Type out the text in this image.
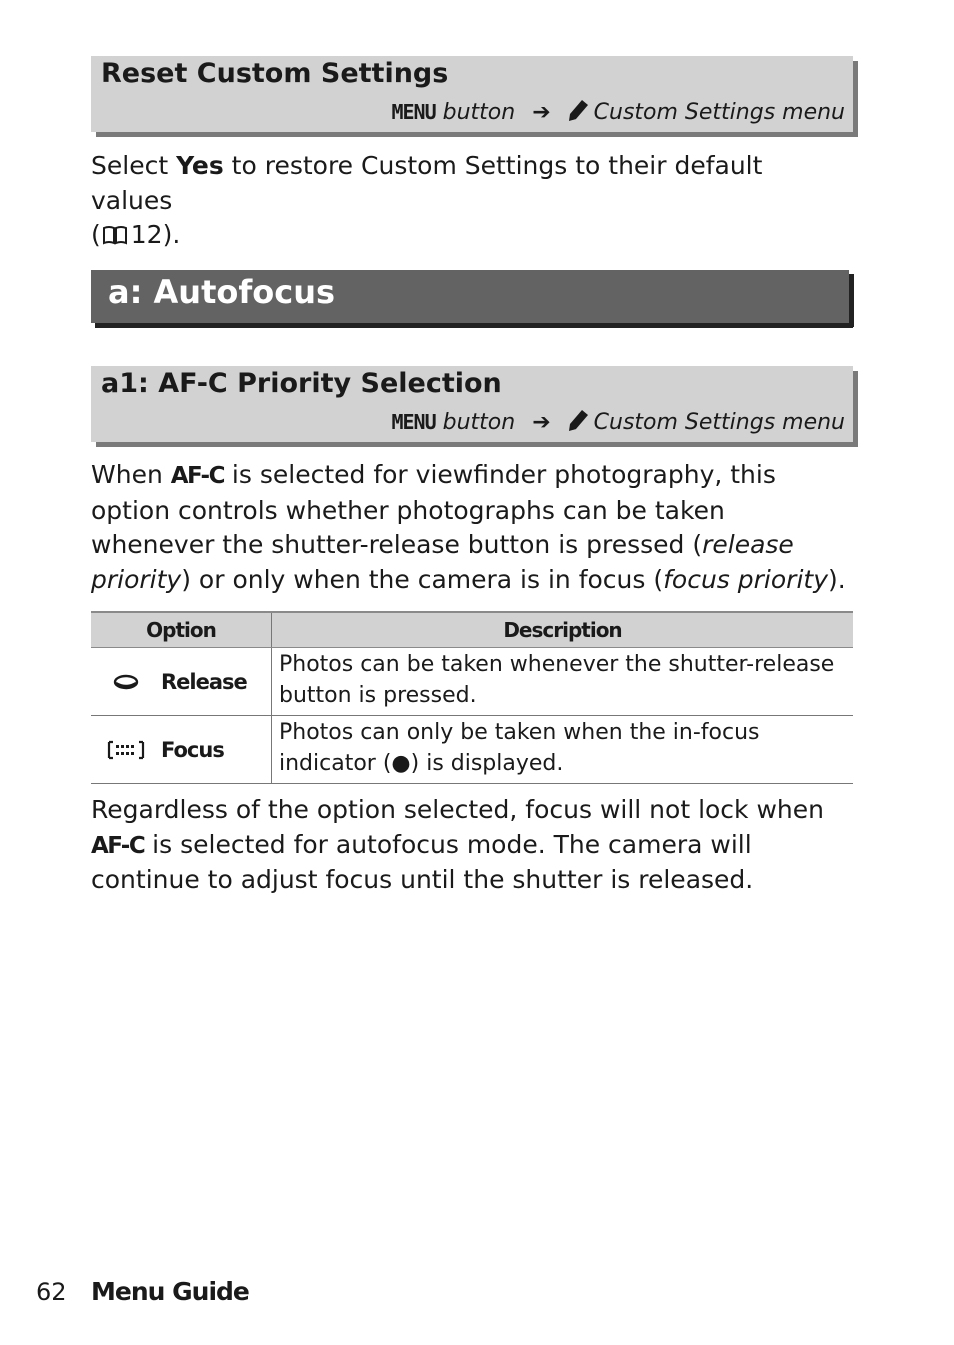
Reset Custom Settings
MENU button ➔ Custom Settings menu
Select Yes to restore Custom Settings to their default values
( 12).
a: Autofocus
a1: AF-C Priority Selection
MENU button ➔ Custom Settings menu
When AF-C is selected for viewfinder photography, this option controls whether photographs can be taken whenever the shutter-release button is pressed (release priority) or only when the camera is in focus (focus priority).
Option	Description

Release	Photos can be taken whenever the shutter-release button is pressed.

Focus	Photos can only be taken when the in-focus indicator (●) is displayed.
Regardless of the option selected, focus will not lock when AF-C is selected for autofocus mode. The camera will continue to adjust focus until the shutter is released.
62 Menu Guide
